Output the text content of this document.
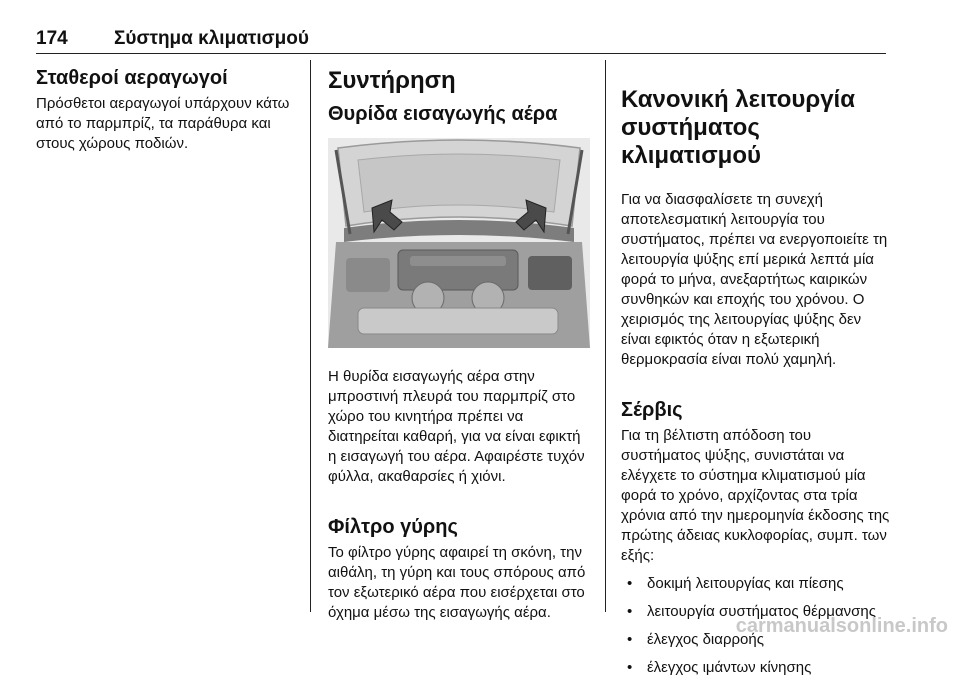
174 Σύστημα κλιματισμού
Σταθεροί αεραγωγοί

Πρόσθετοι αεραγωγοί υπάρχουν κάτω από το παρμπρίζ, τα παράθυρα και στους χώρους ποδιών.

Συντήρηση
Θυρίδα εισαγωγής αέρα

Η θυρίδα εισαγωγής αέρα στην μπροστινή πλευρά του παρμπρίζ στο χώρο του κινητήρα πρέπει να διατηρείται καθαρή, για να είναι εφικτή η εισαγωγή του αέρα. Αφαιρέστε τυχόν φύλλα, ακαθαρσίες ή χιόνι.

Φίλτρο γύρης

Το φίλτρο γύρης αφαιρεί τη σκόνη, την αιθάλη, τη γύρη και τους σπόρους από τον εξωτερικό αέρα που εισέρχεται στο όχημα μέσω της εισαγωγής αέρα.

Κανονική λειτουργία συστήματος κλιματισμού

Για να διασφαλίσετε τη συνεχή αποτελεσματική λειτουργία του συστήματος, πρέπει να ενεργοποιείτε τη λειτουργία ψύξης επί μερικά λεπτά μία φορά το μήνα, ανεξαρτήτως καιρικών συνθηκών και εποχής του χρόνου. Ο χειρισμός της λειτουργίας ψύξης δεν είναι εφικτός όταν η εξωτερική θερμοκρασία είναι πολύ χαμηλή.

Σέρβις

Για τη βέλτιστη απόδοση του συστήματος ψύξης, συνιστάται να ελέγχετε το σύστημα κλιματισμού μία φορά το χρόνο, αρχίζοντας στα τρία χρόνια από την ημερομηνία έκδοσης της πρώτης άδειας κυκλοφορίας, συμπ. των εξής:

• δοκιμή λειτουργίας και πίεσης
• λειτουργία συστήματος θέρμανσης
• έλεγχος διαρροής
• έλεγχος ιμάντων κίνησης
carmanualsonline.info
